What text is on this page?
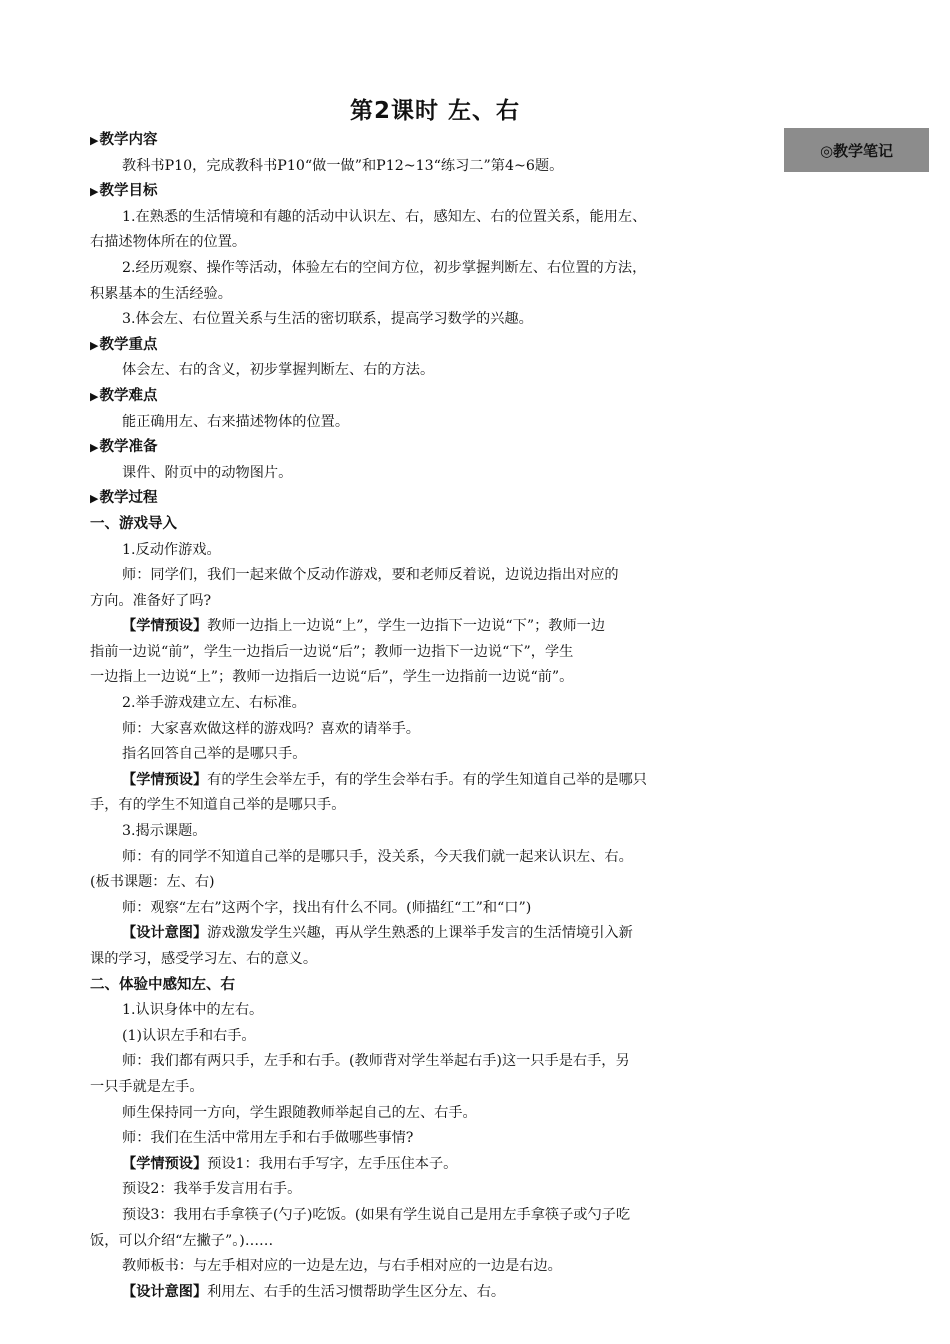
第2课时 左、右
◎教学笔记
▶教学内容
教科书P10，完成教科书P10“做一做”和P12~13“练习二”第4~6题。
▶教学目标
1.在熟悉的生活情境和有趣的活动中认识左、右，感知左、右的位置关系，能用左、
右描述物体所在的位置。
2.经历观察、操作等活动，体验左右的空间方位，初步掌握判断左、右位置的方法，
积累基本的生活经验。
3.体会左、右位置关系与生活的密切联系，提高学习数学的兴趣。
▶教学重点
体会左、右的含义，初步掌握判断左、右的方法。
▶教学难点
能正确用左、右来描述物体的位置。
▶教学准备
课件、附页中的动物图片。
▶教学过程
一、游戏导入
1.反动作游戏。
师：同学们，我们一起来做个反动作游戏，要和老师反着说，边说边指出对应的
方向。准备好了吗?
【学情预设】教师一边指上一边说“上”，学生一边指下一边说“下”；教师一边
指前一边说“前”，学生一边指后一边说“后”；教师一边指下一边说“下”，学生
一边指上一边说“上”；教师一边指后一边说“后”，学生一边指前一边说“前”。
2.举手游戏建立左、右标准。
师：大家喜欢做这样的游戏吗？喜欢的请举手。
指名回答自己举的是哪只手。
【学情预设】有的学生会举左手，有的学生会举右手。有的学生知道自己举的是哪只
手，有的学生不知道自己举的是哪只手。
3.揭示课题。
师：有的同学不知道自己举的是哪只手，没关系，今天我们就一起来认识左、右。
(板书课题：左、右)
师：观察“左右”这两个字，找出有什么不同。(师描红“工”和“口”)
【设计意图】游戏激发学生兴趣，再从学生熟悉的上课举手发言的生活情境引入新
课的学习，感受学习左、右的意义。
二、体验中感知左、右
1.认识身体中的左右。
(1)认识左手和右手。
师：我们都有两只手，左手和右手。(教师背对学生举起右手)这一只手是右手，另
一只手就是左手。
师生保持同一方向，学生跟随教师举起自己的左、右手。
师：我们在生活中常用左手和右手做哪些事情?
【学情预设】预设1：我用右手写字，左手压住本子。
预设2：我举手发言用右手。
预设3：我用右手拿筷子(勺子)吃饭。(如果有学生说自己是用左手拿筷子或勺子吃
饭，可以介绍“左撇子”。)……
教师板书：与左手相对应的一边是左边，与右手相对应的一边是右边。
【设计意图】利用左、右手的生活习惯帮助学生区分左、右。
